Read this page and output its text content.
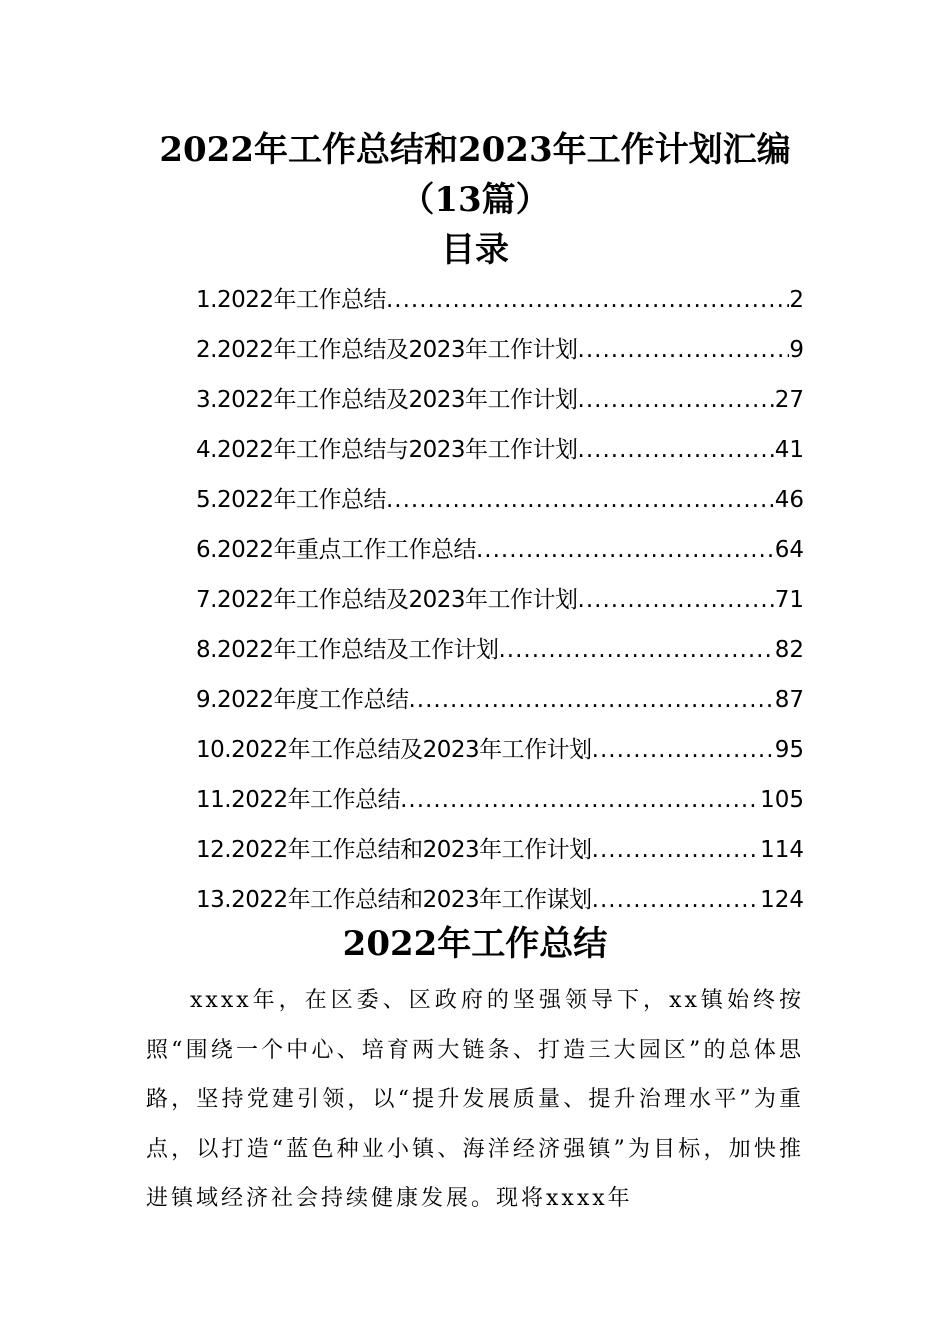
2022年工作总结和2023年工作计划汇编
（13篇）
目录
1.2022年工作总结 .....	2
2.2022年工作总结及2023年工作计划 .....	9
3.2022年工作总结及2023年工作计划 .....	27
4.2022年工作总结与2023年工作计划 .....	41
5.2022年工作总结 .....	46
6.2022年重点工作工作总结 .....	64
7.2022年工作总结及2023年工作计划 .....	71
8.2022年工作总结及工作计划 .....	82
9.2022年度工作总结 .....	87
10.2022年工作总结及2023年工作计划 .....	95
11.2022年工作总结 .....	105
12.2022年工作总结和2023年工作计划 .....	114
13.2022年工作总结和2023年工作谋划 .....	124
2022年工作总结

xxxx年，在区委、区政府的坚强领导下，xx镇始终按照“围绕一个中心、培育两大链条、打造三大园区”的总体思路，坚持党建引领，以“提升发展质量、提升治理水平”为重点，以打造“蓝色种业小镇、海洋经济强镇”为目标，加快推进镇域经济社会持续健康发展。现将xxxx年
